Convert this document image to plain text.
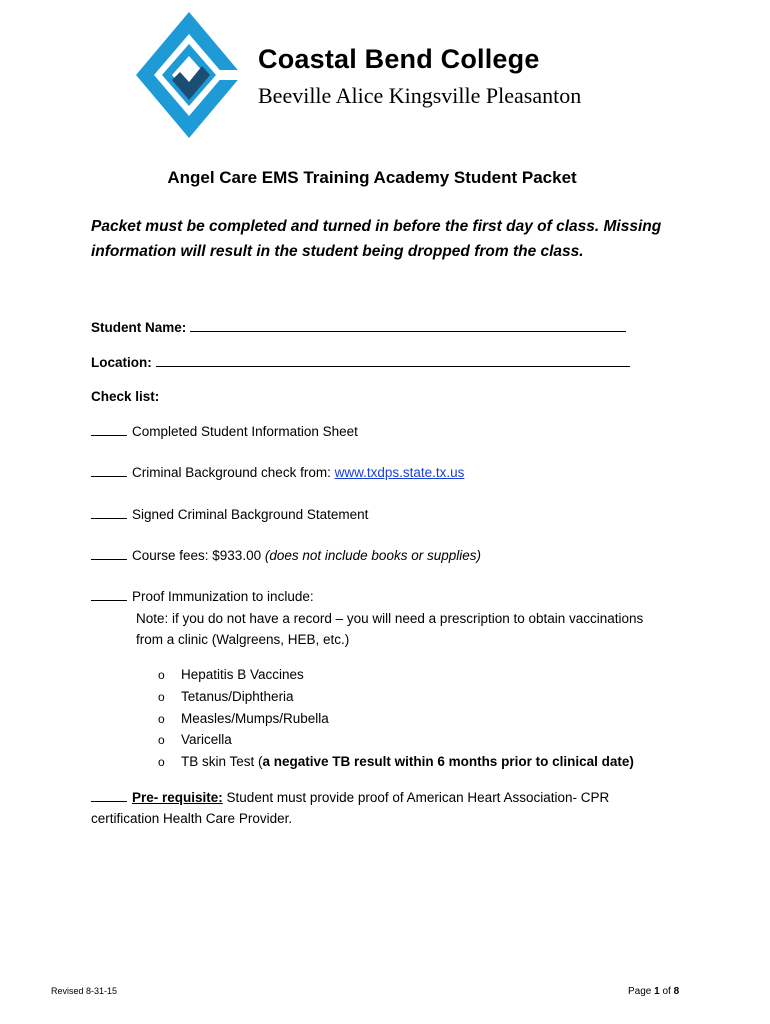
Coastal Bend College
Beeville Alice Kingsville Pleasanton
Angel Care EMS Training Academy Student Packet
Packet must be completed and turned in before the first day of class. Missing information will result in the student being dropped from the class.
Student Name:
Location:
Check list:
Completed Student Information Sheet
Criminal Background check from: www.txdps.state.tx.us
Signed Criminal Background Statement
Course fees: $933.00 (does not include books or supplies)
Proof Immunization to include:
Note: if you do not have a record – you will need a prescription to obtain vaccinations
from a clinic (Walgreens, HEB, etc.)
o Hepatitis B Vaccines
o Tetanus/Diphtheria
o Measles/Mumps/Rubella
o Varicella
o TB skin Test (a negative TB result within 6 months prior to clinical date)
Pre- requisite: Student must provide proof of American Heart Association- CPR
certification Health Care Provider.
Revised 8-31-15	Page 1 of 8
